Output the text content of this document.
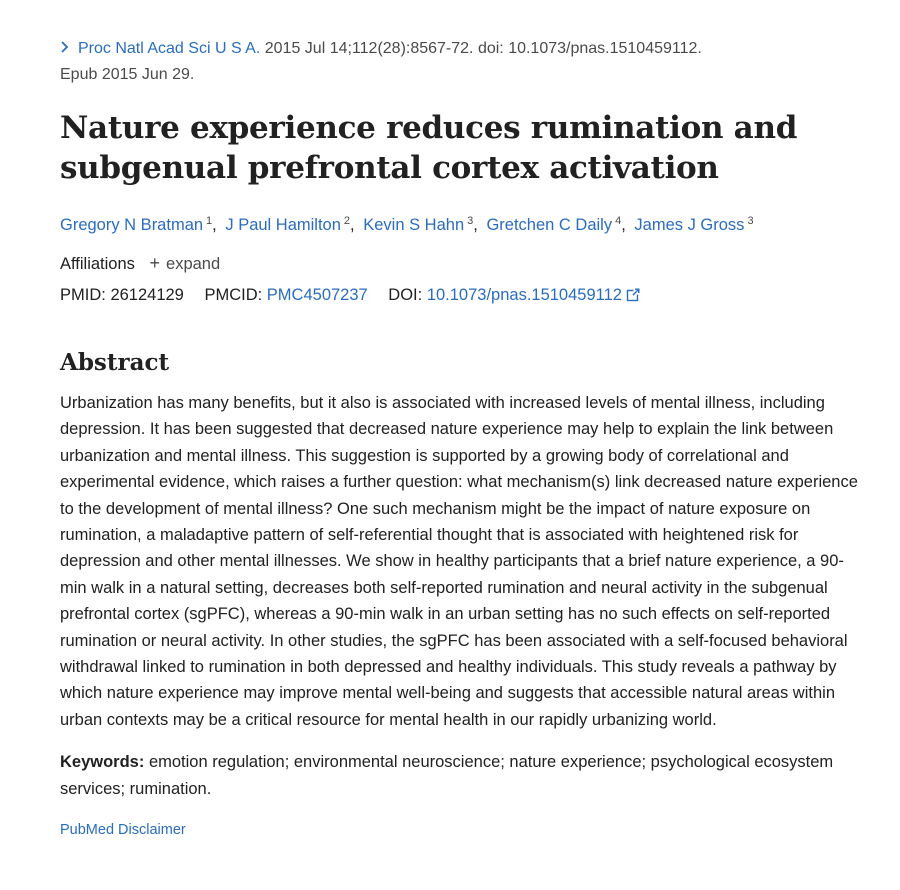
Proc Natl Acad Sci U S A. 2015 Jul 14;112(28):8567-72. doi: 10.1073/pnas.1510459112.
Epub 2015 Jun 29.
Nature experience reduces rumination and subgenual prefrontal cortex activation
Gregory N Bratman $^1$, J Paul Hamilton $^2$, Kevin S Hahn $^3$, Gretchen C Daily $^4$, James J Gross $^3$
Affiliations + expand
PMID: 26124129 PMCID: PMC4507237 DOI: 10.1073/pnas.1510459112
Abstract

Urbanization has many benefits, but it also is associated with increased levels of mental illness, including depression. It has been suggested that decreased nature experience may help to explain the link between urbanization and mental illness. This suggestion is supported by a growing body of correlational and experimental evidence, which raises a further question: what mechanism(s) link decreased nature experience to the development of mental illness? One such mechanism might be the impact of nature exposure on rumination, a maladaptive pattern of self-referential thought that is associated with heightened risk for depression and other mental illnesses. We show in healthy participants that a brief nature experience, a 90-min walk in a natural setting, decreases both self-reported rumination and neural activity in the subgenual prefrontal cortex (sgPFC), whereas a 90-min walk in an urban setting has no such effects on self-reported rumination or neural activity. In other studies, the sgPFC has been associated with a self-focused behavioral withdrawal linked to rumination in both depressed and healthy individuals. This study reveals a pathway by which nature experience may improve mental well-being and suggests that accessible natural areas within urban contexts may be a critical resource for mental health in our rapidly urbanizing world.

Keywords: emotion regulation; environmental neuroscience; nature experience; psychological ecosystem services; rumination.
PubMed Disclaimer
